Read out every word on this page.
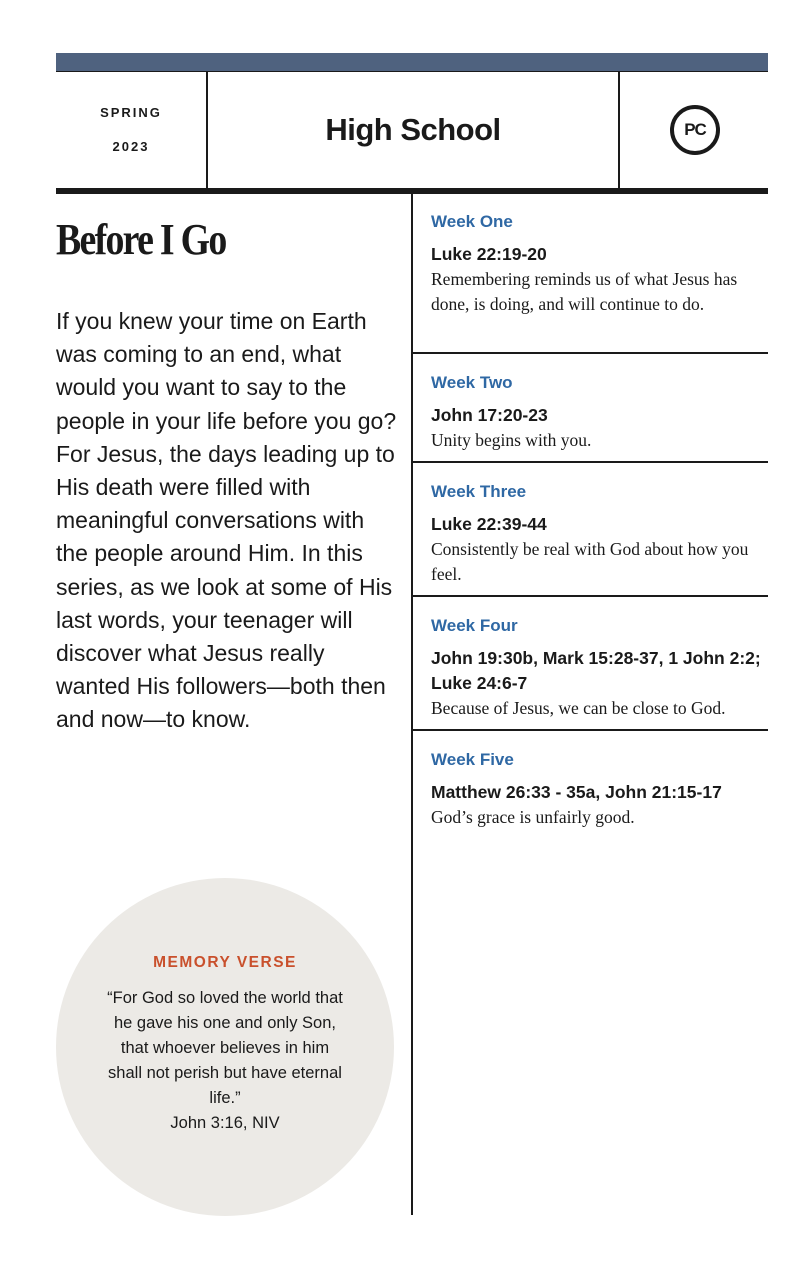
SPRING
2023	High School	PC
Before I Go
If you knew your time on Earth was coming to an end, what would you want to say to the people in your life before you go? For Jesus, the days leading up to His death were filled with meaningful conversations with the people around Him. In this series, as we look at some of His last words, your teenager will discover what Jesus really wanted His followers—both then and now—to know.
Week One
Luke 22:19-20
Remembering reminds us of what Jesus has done, is doing, and will continue to do.
Week Two
John 17:20-23
Unity begins with you.
Week Three
Luke 22:39-44
Consistently be real with God about how you feel.
Week Four
John 19:30b, Mark 15:28-37, 1 John 2:2; Luke 24:6-7
Because of Jesus, we can be close to God.
Week Five
Matthew 26:33 - 35a, John 21:15-17
God’s grace is unfairly good.
MEMORY VERSE
“For God so loved the world that he gave his one and only Son, that whoever believes in him shall not perish but have eternal life.”
John 3:16, NIV
